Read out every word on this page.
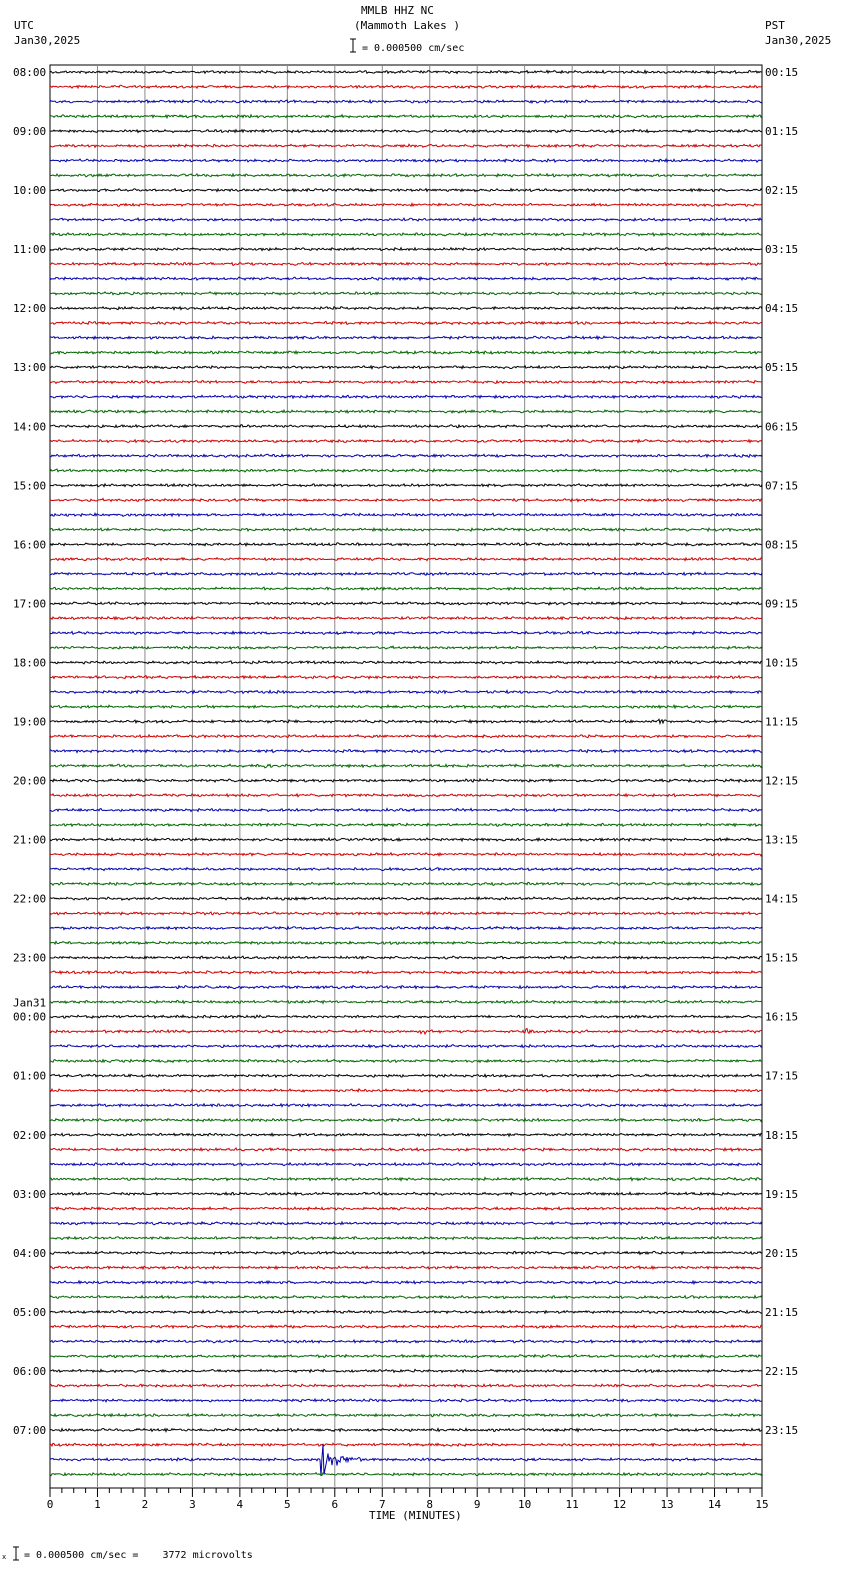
MMLB HHZ NC
(Mammoth Lakes )
= 0.000500 cm/sec
UTC
Jan30,2025
PST
Jan30,2025
08:00
09:00
10:00
11:00
12:00
13:00
14:00
15:00
16:00
17:00
18:00
19:00
20:00
21:00
22:00
23:00
00:00
01:00
02:00
03:00
04:00
05:00
06:00
07:00
00:15
01:15
02:15
03:15
04:15
05:15
06:15
07:15
08:15
09:15
10:15
11:15
12:15
13:15
14:15
15:15
16:15
17:15
18:15
19:15
20:15
21:15
22:15
23:15
Jan31
0	1	2	3	4	5	6	7	8	9	10	11	12	13	14	15
TIME (MINUTES)
x = 0.000500 cm/sec =    3772 microvolts
